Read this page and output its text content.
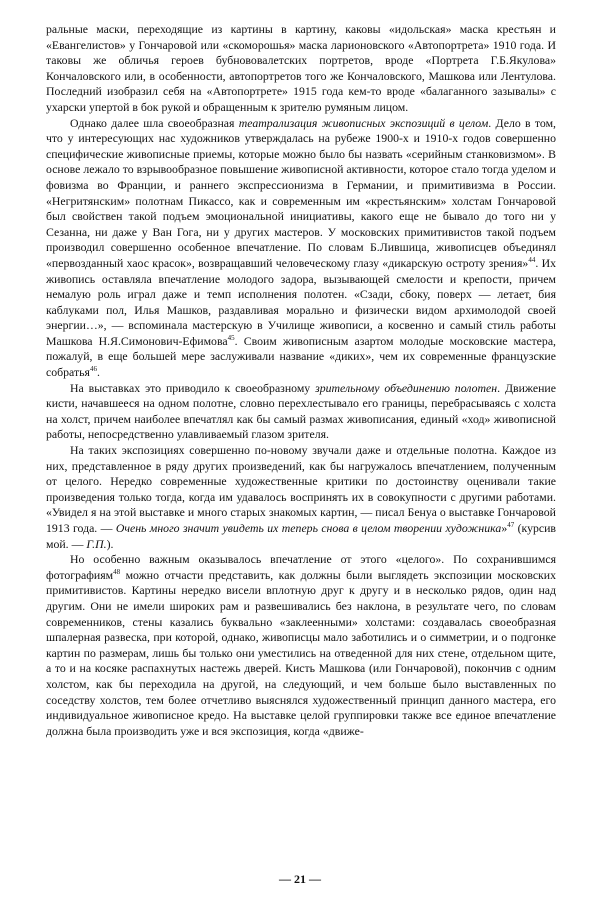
ральные маски, переходящие из картины в картину, каковы «идольская» маска крестьян и «Евангелистов» у Гончаровой или «скоморошья» маска ларионовского «Автопортрета» 1910 года. И таковы же обличья героев бубнововалетских портретов, вроде «Портрета Г.Б.Якулова» Кончаловского или, в особенности, автопортретов того же Кончаловского, Машкова или Лентулова. Последний изобразил себя на «Автопортрете» 1915 года кем-то вроде «балаганного зазывалы» с ухарски упертой в бок рукой и обращенным к зрителю румяным лицом.

Однако далее шла своеобразная театрализация живописных экспозиций в целом. Дело в том, что у интересующих нас художников утверждалась на рубеже 1900-х и 1910-х годов совершенно специфические живописные приемы, которые можно было бы назвать «серийным станковизмом». В основе лежало то взрывообразное повышение живописной активности, которое стало тогда уделом и фовизма во Франции, и раннего экспрессионизма в Германии, и примитивизма в России. «Негритянским» полотнам Пикассо, как и современным им «крестьянским» холстам Гончаровой был свойствен такой подъем эмоциональной инициативы, какого еще не бывало до того ни у Сезанна, ни даже у Ван Гога, ни у других мастеров. У московских примитивистов такой подъем производил совершенно особенное впечатление. По словам Б.Лившица, живописцев объединял «первозданный хаос красок», возвращавший человеческому глазу «дикарскую остроту зрения»$^{44}$. Их живопись оставляла впечатление молодого задора, вызывающей смелости и крепости, причем немалую роль играл даже и темп исполнения полотен. «Сзади, сбоку, поверх — летает, бия каблуками пол, Илья Машков, раздавливая морально и физически видом архимолодой своей энергии…», — вспоминала мастерскую в Училище живописи, а косвенно и самый стиль работы Машкова Н.Я.Симонович-Ефимова$^{45}$. Своим живописным азартом молодые московские мастера, пожалуй, в еще большей мере заслуживали название «диких», чем их современные французские собратья$^{46}$.

На выставках это приводило к своеобразному зрительному объединению полотен. Движение кисти, начавшееся на одном полотне, словно перехлестывало его границы, перебрасываясь с холста на холст, причем наиболее впечатлял как бы самый размах живописания, единый «ход» живописной работы, непосредственно улавливаемый глазом зрителя.

На таких экспозициях совершенно по-новому звучали даже и отдельные полотна. Каждое из них, представленное в ряду других произведений, как бы нагружалось впечатлением, полученным от целого. Нередко современные художественные критики по достоинству оценивали такие произведения только тогда, когда им удавалось воспринять их в совокупности с другими работами. «Увидел я на этой выставке и много старых знакомых картин, — писал Бенуа о выставке Гончаровой 1913 года. — Очень много значит увидеть их теперь снова в целом творении художника»$^{47}$ (курсив мой. — Г.П.).

Но особенно важным оказывалось впечатление от этого «целого». По сохранившимся фотографиям$^{48}$ можно отчасти представить, как должны были выглядеть экспозиции московских примитивистов. Картины нередко висели вплотную друг к другу и в несколько рядов, один над другим. Они не имели широких рам и развешивались без наклона, в результате чего, по словам современников, стены казались буквально «заклеенными» холстами: создавалась своеобразная шпалерная развеска, при которой, однако, живописцы мало заботились и о симметрии, и о подгонке картин по размерам, лишь бы только они уместились на отведенной для них стене, отдельном щите, а то и на косяке распахнутых настежь дверей. Кисть Машкова (или Гончаровой), покончив с одним холстом, как бы переходила на другой, на следующий, и чем больше было выставленных по соседству холстов, тем более отчетливо выяснялся художественный принцип данного мастера, его индивидуальное живописное кредо. На выставке целой группировки также все единое впечатление должна была производить уже и вся экспозиция, когда «движе-

— 21 —
